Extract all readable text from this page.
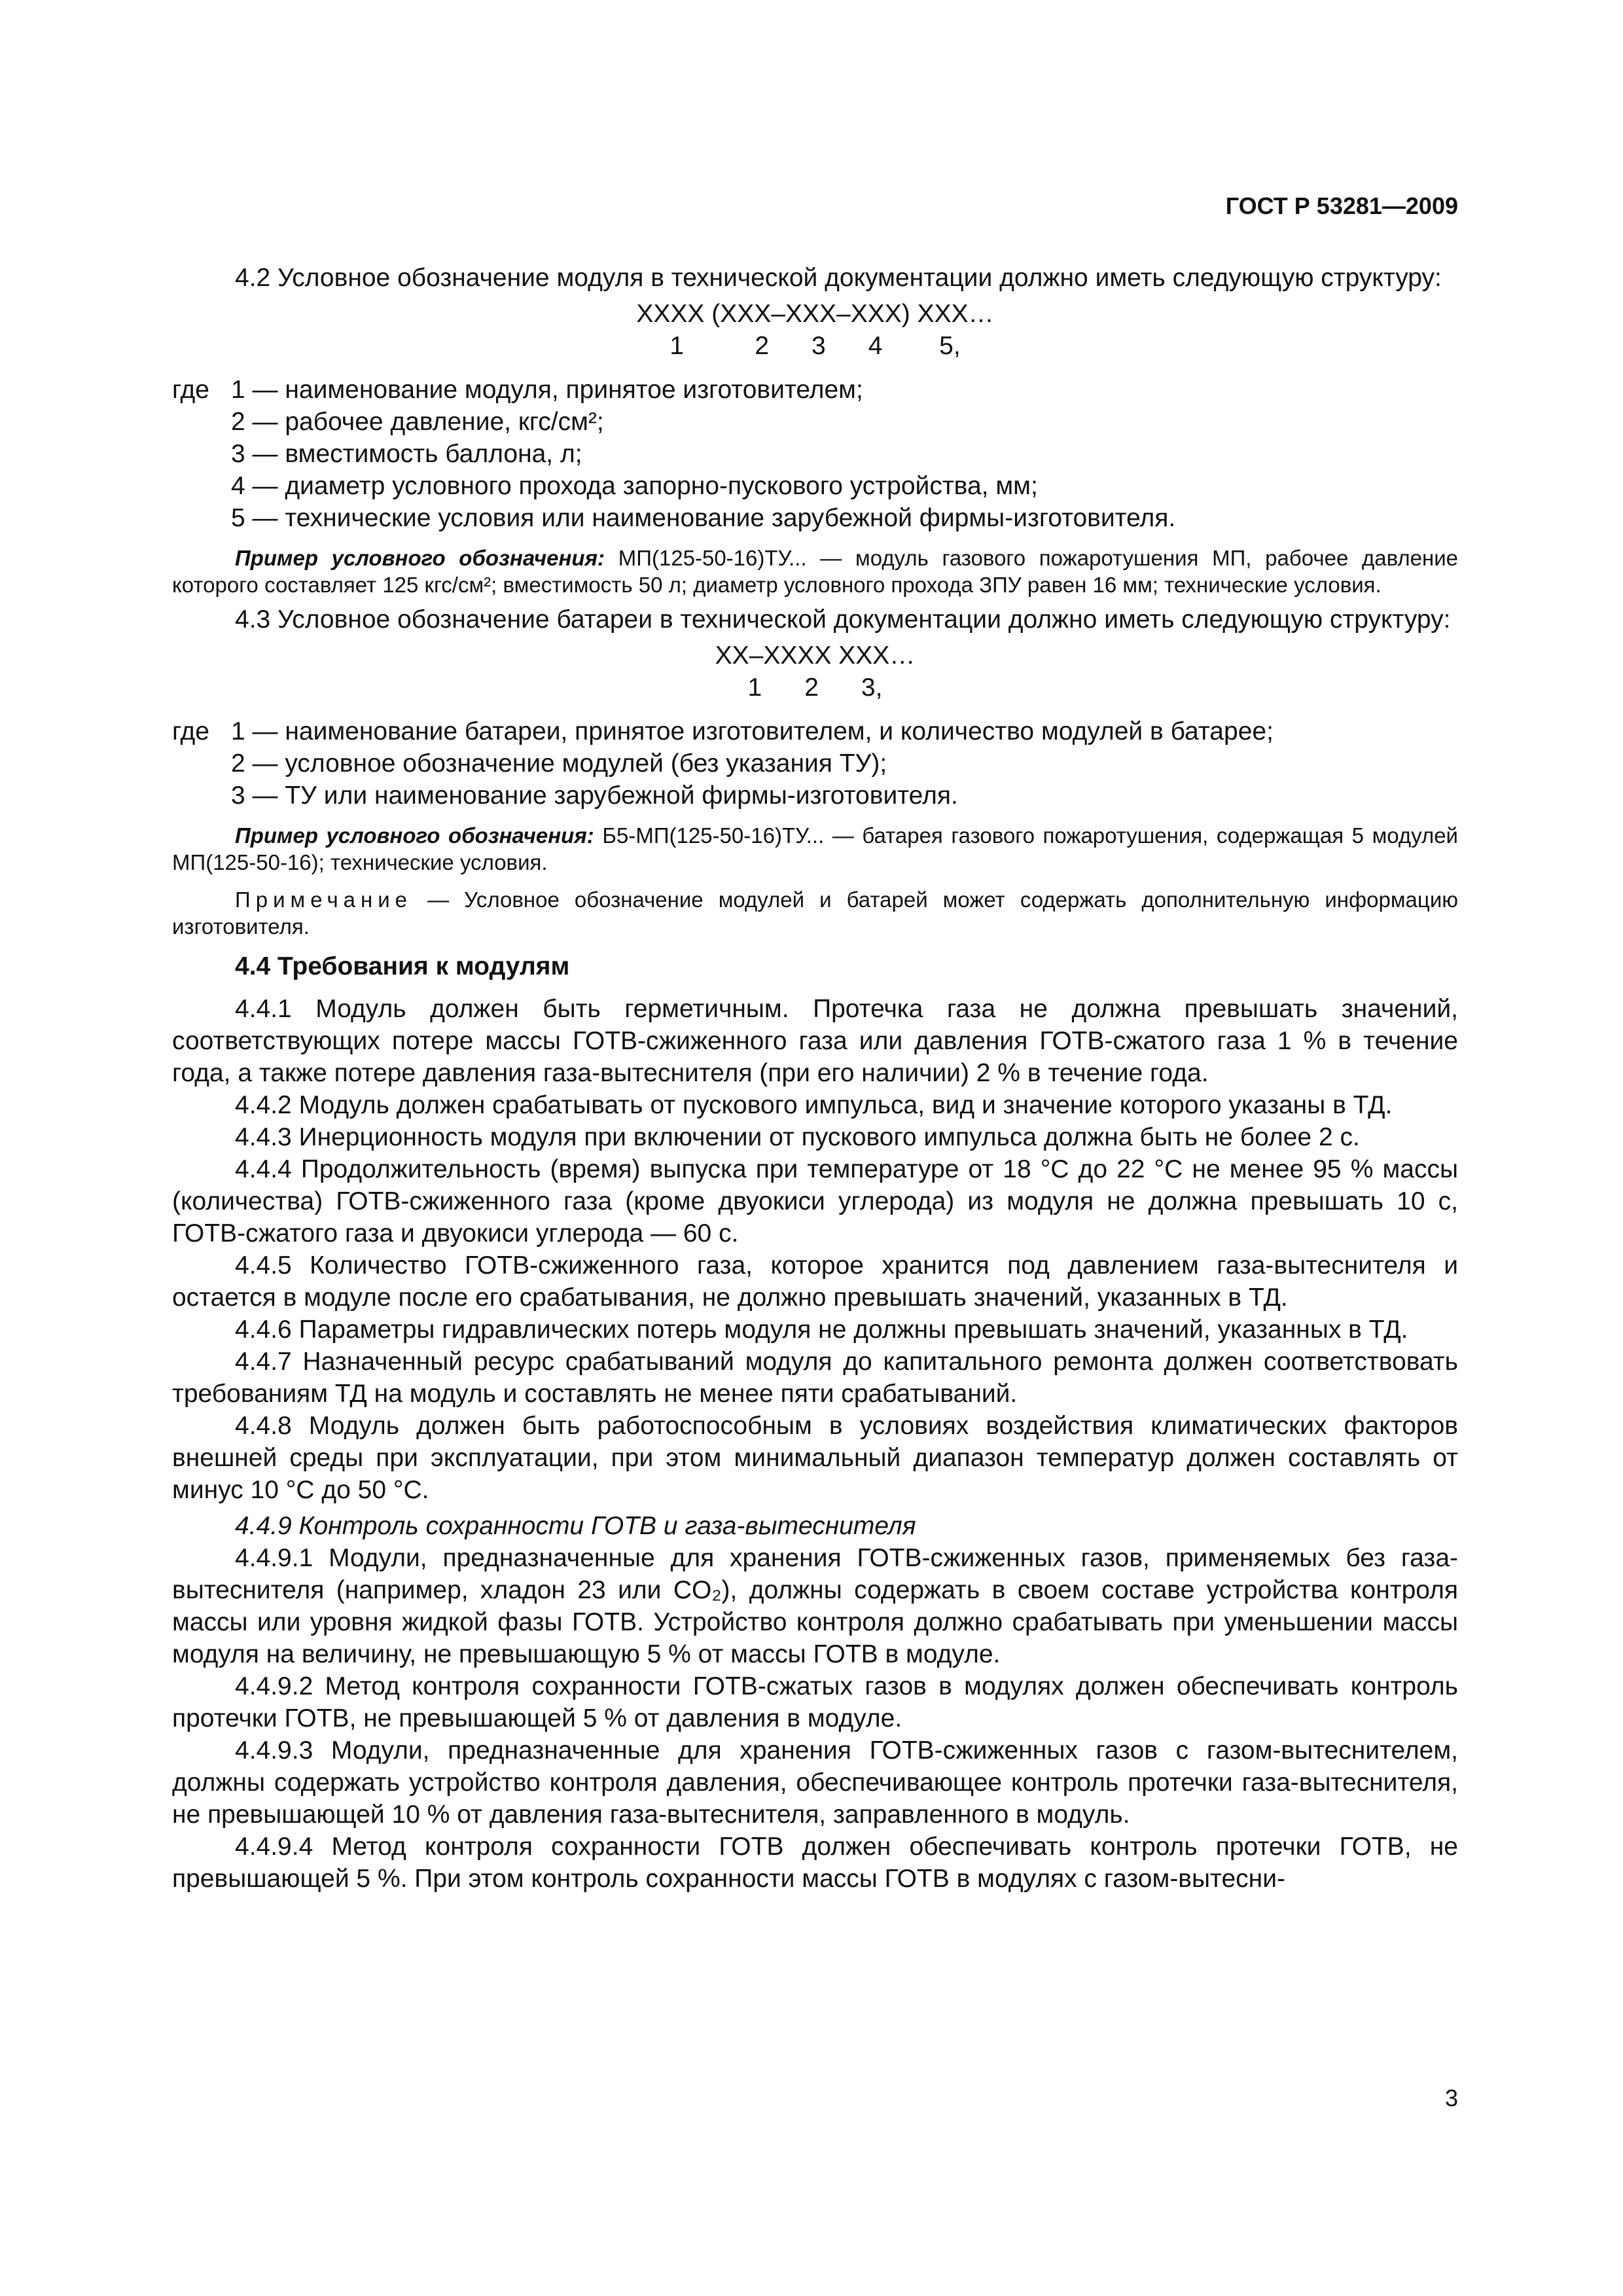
ГОСТ Р 53281—2009

4.2 Условное обозначение модуля в технической документации должно иметь следующую структуру:

XXXX (XXX–XXX–XXX) XXX…
1          2      3      4        5,
где 1 — наименование модуля, принятое изготовителем;
2 — рабочее давление, кгс/см²;
3 — вместимость баллона, л;
4 — диаметр условного прохода запорно-пускового устройства, мм;
5 — технические условия или наименование зарубежной фирмы-изготовителя.

Пример условного обозначения: МП(125-50-16)ТУ... — модуль газового пожаротушения МП, рабочее давление которого составляет 125 кгс/см²; вместимость 50 л; диаметр условного прохода ЗПУ равен 16 мм; технические условия.

4.3 Условное обозначение батареи в технической документации должно иметь следующую структуру:

XX–XXXX XXX…
1      2      3,
где 1 — наименование батареи, принятое изготовителем, и количество модулей в батарее;
2 — условное обозначение модулей (без указания ТУ);
3 — ТУ или наименование зарубежной фирмы-изготовителя.

Пример условного обозначения: Б5-МП(125-50-16)ТУ... — батарея газового пожаротушения, содержащая 5 модулей МП(125-50-16); технические условия.

Примечание — Условное обозначение модулей и батарей может содержать дополнительную информацию изготовителя.

4.4 Требования к модулям

4.4.1 Модуль должен быть герметичным. Протечка газа не должна превышать значений, соответствующих потере массы ГОТВ-сжиженного газа или давления ГОТВ-сжатого газа 1 % в течение года, а также потере давления газа-вытеснителя (при его наличии) 2 % в течение года.

4.4.2 Модуль должен срабатывать от пускового импульса, вид и значение которого указаны в ТД.

4.4.3 Инерционность модуля при включении от пускового импульса должна быть не более 2 с.

4.4.4 Продолжительность (время) выпуска при температуре от 18 °С до 22 °С не менее 95 % массы (количества) ГОТВ-сжиженного газа (кроме двуокиси углерода) из модуля не должна превышать 10 с, ГОТВ-сжатого газа и двуокиси углерода — 60 с.

4.4.5 Количество ГОТВ-сжиженного газа, которое хранится под давлением газа-вытеснителя и остается в модуле после его срабатывания, не должно превышать значений, указанных в ТД.

4.4.6 Параметры гидравлических потерь модуля не должны превышать значений, указанных в ТД.

4.4.7 Назначенный ресурс срабатываний модуля до капитального ремонта должен соответствовать требованиям ТД на модуль и составлять не менее пяти срабатываний.

4.4.8 Модуль должен быть работоспособным в условиях воздействия климатических факторов внешней среды при эксплуатации, при этом минимальный диапазон температур должен составлять от минус 10 °С до 50 °С.

4.4.9 Контроль сохранности ГОТВ и газа-вытеснителя

4.4.9.1 Модули, предназначенные для хранения ГОТВ-сжиженных газов, применяемых без газа-вытеснителя (например, хладон 23 или CO₂), должны содержать в своем составе устройства контроля массы или уровня жидкой фазы ГОТВ. Устройство контроля должно срабатывать при уменьшении массы модуля на величину, не превышающую 5 % от массы ГОТВ в модуле.

4.4.9.2 Метод контроля сохранности ГОТВ-сжатых газов в модулях должен обеспечивать контроль протечки ГОТВ, не превышающей 5 % от давления в модуле.

4.4.9.3 Модули, предназначенные для хранения ГОТВ-сжиженных газов с газом-вытеснителем, должны содержать устройство контроля давления, обеспечивающее контроль протечки газа-вытеснителя, не превышающей 10 % от давления газа-вытеснителя, заправленного в модуль.

4.4.9.4 Метод контроля сохранности ГОТВ должен обеспечивать контроль протечки ГОТВ, не превышающей 5 %. При этом контроль сохранности массы ГОТВ в модулях с газом-вытесни-

3
